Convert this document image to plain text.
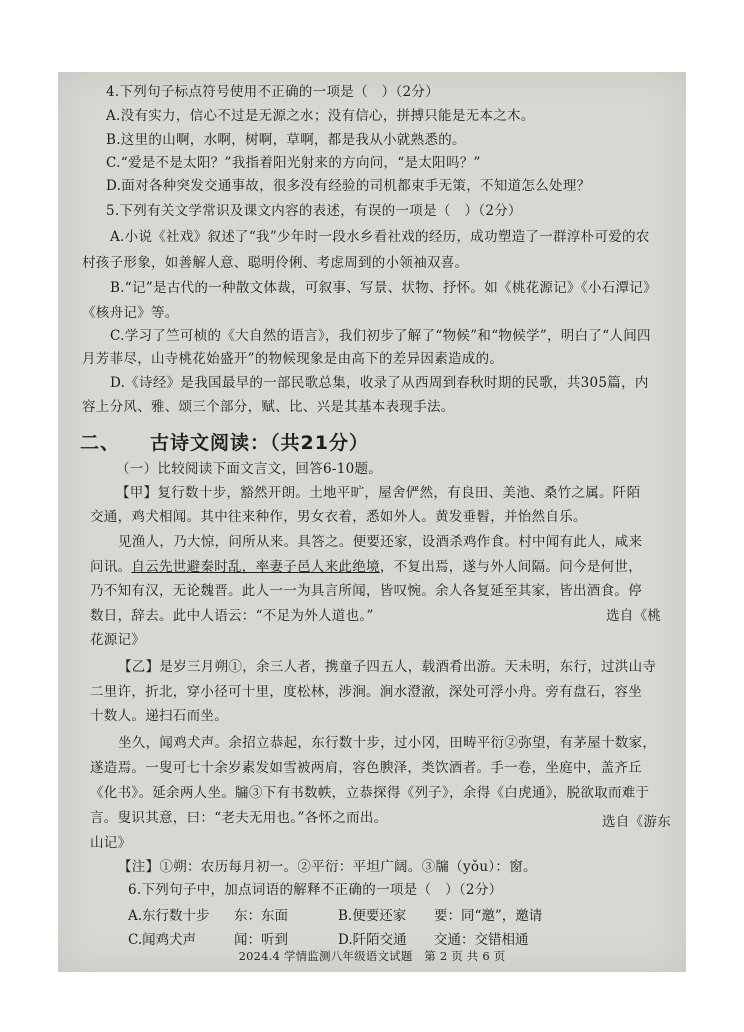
4.下列句子标点符号使用不正确的一项是（　）（2分）
A.没有实力，信心不过是无源之水；没有信心，拼搏只能是无本之木。
B.这里的山啊，水啊，树啊，草啊，都是我从小就熟悉的。
C.“爱是不是太阳？”我指着阳光射来的方向问，“是太阳吗？”
D.面对各种突发交通事故，很多没有经验的司机都束手无策，不知道怎么处理？
5.下列有关文学常识及课文内容的表述，有误的一项是（　）（2分）
A.小说《社戏》叙述了“我”少年时一段水乡看社戏的经历，成功塑造了一群淳朴可爱的农
村孩子形象，如善解人意、聪明伶俐、考虑周到的小领袖双喜。
B.“记”是古代的一种散文体裁，可叙事、写景、状物、抒怀。如《桃花源记》《小石潭记》
《核舟记》等。
C.学习了竺可桢的《大自然的语言》，我们初步了解了“物候”和“物候学”，明白了“人间四
月芳菲尽，山寺桃花始盛开”的物候现象是由高下的差异因素造成的。
D.《诗经》是我国最早的一部民歌总集，收录了从西周到春秋时期的民歌，共305篇，内
容上分风、雅、颂三个部分，赋、比、兴是其基本表现手法。
二、 古诗文阅读：（共21分）
（一）比较阅读下面文言文，回答6-10题。
【甲】复行数十步，豁然开朗。土地平旷，屋舍俨然，有良田、美池、桑竹之属。阡陌
交通，鸡犬相闻。其中往来种作，男女衣着，悉如外人。黄发垂髫，并怡然自乐。
见渔人，乃大惊，问所从来。具答之。便要还家，设酒杀鸡作食。村中闻有此人，咸来
问讯。自云先世避秦时乱，率妻子邑人来此绝境，不复出焉，遂与外人间隔。问今是何世，
乃不知有汉，无论魏晋。此人一一为具言所闻，皆叹惋。余人各复延至其家，皆出酒食。停
数日，辞去。此中人语云：“不足为外人道也。”	选自《桃
花源记》
【乙】是岁三月朔①，余三人者，携童子四五人，载酒肴出游。天未明，东行，过洪山寺
二里许，折北，穿小径可十里，度松林，涉涧。涧水澄澈，深处可浮小舟。旁有盘石，容坐
十数人。递扫石而坐。
坐久，闻鸡犬声。余招立恭起，东行数十步，过小冈，田畴平衍②弥望，有茅屋十数家，
遂造焉。一叟可七十余岁素发如雪被两肩，容色腴泽，类饮酒者。手一卷，坐庭中，盖齐丘
《化书》。延余两人坐。牖③下有书数帙，立恭探得《列子》，余得《白虎通》，脱欲取而难于
言。叟识其意，曰：“老夫无用也。”各怀之而出。	选自《游东
山记》
【注】①朔：农历每月初一。②平衍：平坦广阔。③牖（yǒu）：窗。
6.下列句子中，加点词语的解释不正确的一项是（　）（2分）
A.东行数十步 东：东面	B.便要还家 要：同“邀”，邀请
C.闻鸡犬声	闻：听到	D.阡陌交通 交通：交错相通
2024.4 学情监测八年级语文试题　第 2 页 共 6 页
